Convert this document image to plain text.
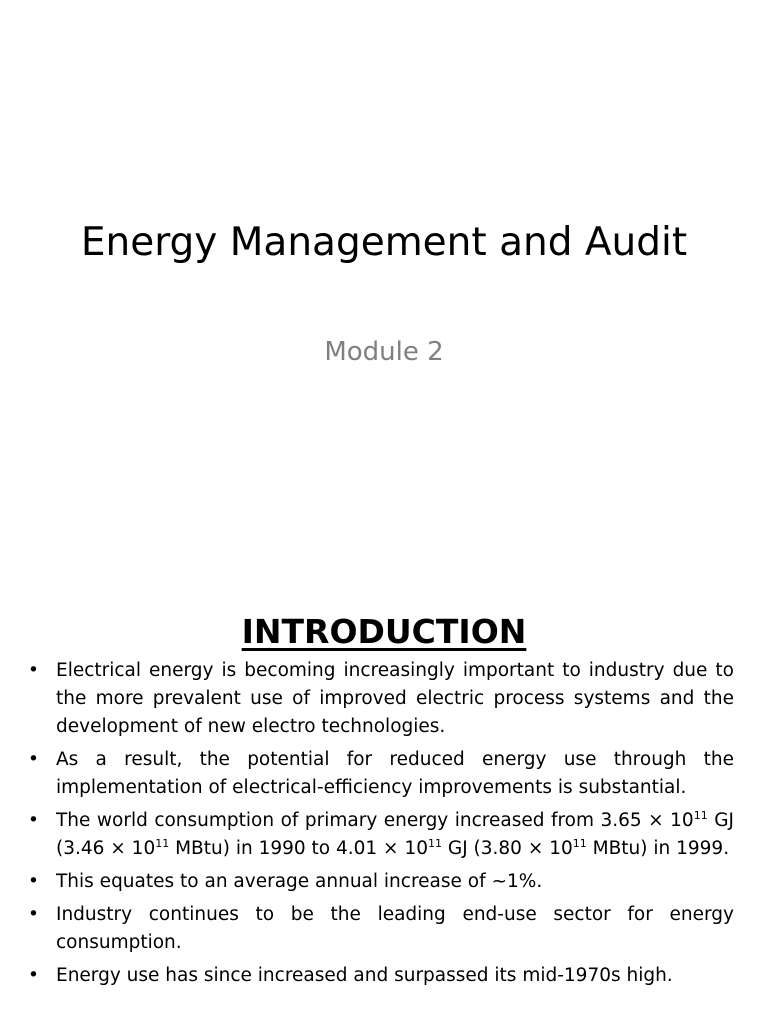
Energy Management and Audit
Module 2
INTRODUCTION
• Electrical energy is becoming increasingly important to industry due to the more prevalent use of improved electric process systems and the development of new electro technologies.
• As a result, the potential for reduced energy use through the implementation of electrical-efficiency improvements is substantial.
• The world consumption of primary energy increased from $3.65 \times 10^{11}$ GJ ($3.46 \times 10^{11}$ MBtu) in 1990 to $4.01 \times 10^{11}$ GJ ($3.80 \times 10^{11}$ MBtu) in 1999.
• This equates to an average annual increase of ~1%.
• Industry continues to be the leading end-use sector for energy consumption.
• Energy use has since increased and surpassed its mid-1970s high.
